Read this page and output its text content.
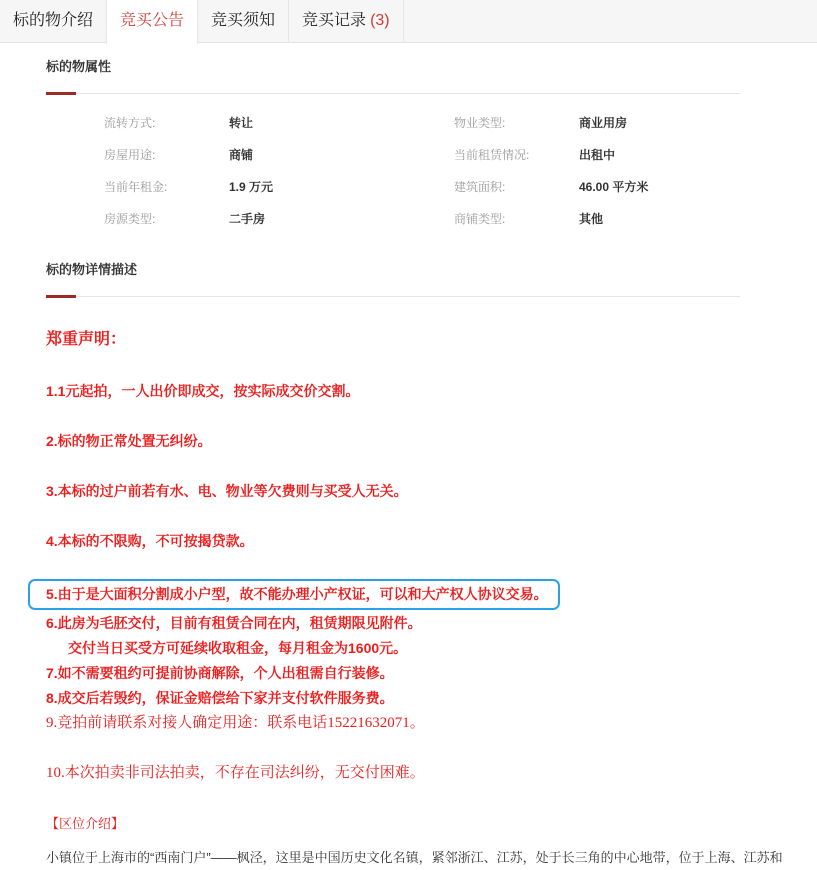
标的物介绍	竞买公告	竞买须知	竞买记录 (3)
标的物属性
流转方式:	转让	物业类型:	商业用房
房屋用途:	商铺	当前租赁情况:	出租中
当前年租金:	1.9 万元	建筑面积:	46.00 平方米
房源类型:	二手房	商铺类型:	其他
标的物详情描述
郑重声明：

1.1元起拍，一人出价即成交，按实际成交价交割。

2.标的物正常处置无纠纷。

3.本标的过户前若有水、电、物业等欠费则与买受人无关。

4.本标的不限购，不可按揭贷款。

5.由于是大面积分割成小户型，故不能办理小产权证，可以和大产权人协议交易。

6.此房为毛胚交付，目前有租赁合同在内，租赁期限见附件。

交付当日买受方可延续收取租金，每月租金为1600元。

7.如不需要租约可提前协商解除，个人出租需自行装修。

8.成交后若毁约，保证金赔偿给下家并支付软件服务费。

9.竞拍前请联系对接人确定用途：联系电话15221632071。

10.本次拍卖非司法拍卖，不存在司法纠纷，无交付困难。

【区位介绍】
小镇位于上海市的“西南门户”——枫泾，这里是中国历史文化名镇，紧邻浙江、江苏，处于长三角的中心地带，位于上海、江苏和
